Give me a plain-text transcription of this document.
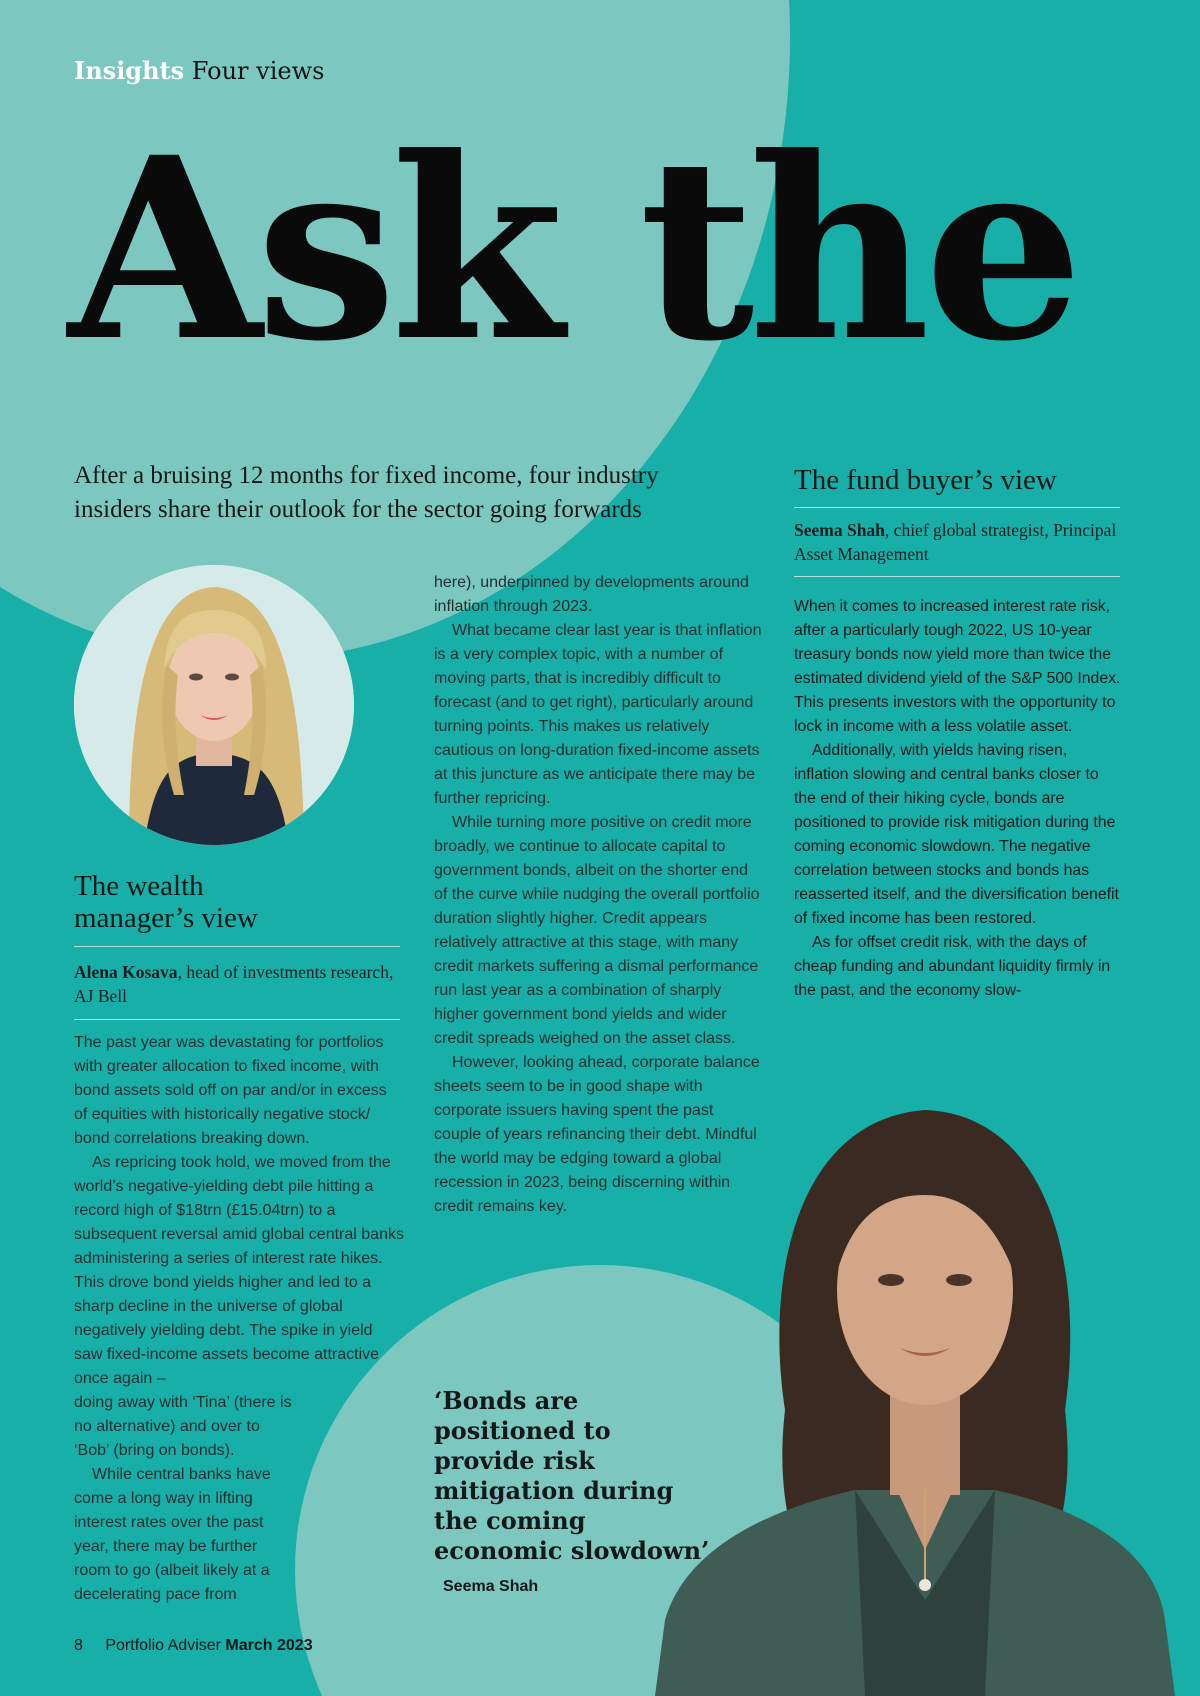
Insights Four views
Ask the

After a bruising 12 months for fixed income, four industry insiders share their outlook for the sector going forwards

The wealth
manager’s view

Alena Kosava, head of investments research, AJ Bell

The past year was devastating for portfolios with greater allocation to fixed income, with bond assets sold off on par and/or in excess of equities with historically negative stock/ bond correlations breaking down.

As repricing took hold, we moved from the world’s negative-yielding debt pile hitting a record high of $18trn (£15.04trn) to a subsequent reversal amid global central banks administering a series of interest rate hikes. This drove bond yields higher and led to a sharp decline in the universe of global negatively yielding debt. The spike in yield saw fixed-income assets become attractive once again –

doing away with ‘Tina’ (there is no alternative) and over to ‘Bob’ (bring on bonds).

While central banks have come a long way in lifting interest rates over the past year, there may be further room to go (albeit likely at a decelerating pace from

here), underpinned by developments around inflation through 2023.

What became clear last year is that inflation is a very complex topic, with a number of moving parts, that is incredibly difficult to forecast (and to get right), particularly around turning points. This makes us relatively cautious on long-duration fixed-income assets at this juncture as we anticipate there may be further repricing.

While turning more positive on credit more broadly, we continue to allocate capital to government bonds, albeit on the shorter end of the curve while nudging the overall portfolio duration slightly higher. Credit appears relatively attractive at this stage, with many credit markets suffering a dismal performance run last year as a combination of sharply higher government bond yields and wider credit spreads weighed on the asset class.

However, looking ahead, corporate balance sheets seem to be in good shape with corporate issuers having spent the past couple of years refinancing their debt. Mindful the world may be edging toward a global recession in 2023, being discerning within credit remains key.

The fund buyer’s view

Seema Shah, chief global strategist, Principal Asset Management

When it comes to increased interest rate risk, after a particularly tough 2022, US 10-year treasury bonds now yield more than twice the estimated dividend yield of the S&P 500 Index. This presents investors with the opportunity to lock in income with a less volatile asset.

Additionally, with yields having risen, inflation slowing and central banks closer to the end of their hiking cycle, bonds are positioned to provide risk mitigation during the coming economic slowdown. The negative correlation between stocks and bonds has reasserted itself, and the diversification benefit of fixed income has been restored.

As for offset credit risk, with the days of cheap funding and abundant liquidity firmly in the past, and the economy slow-

‘Bonds are positioned to provide risk mitigation during the coming economic slowdown’

Seema Shah
8 Portfolio Adviser March 2023
